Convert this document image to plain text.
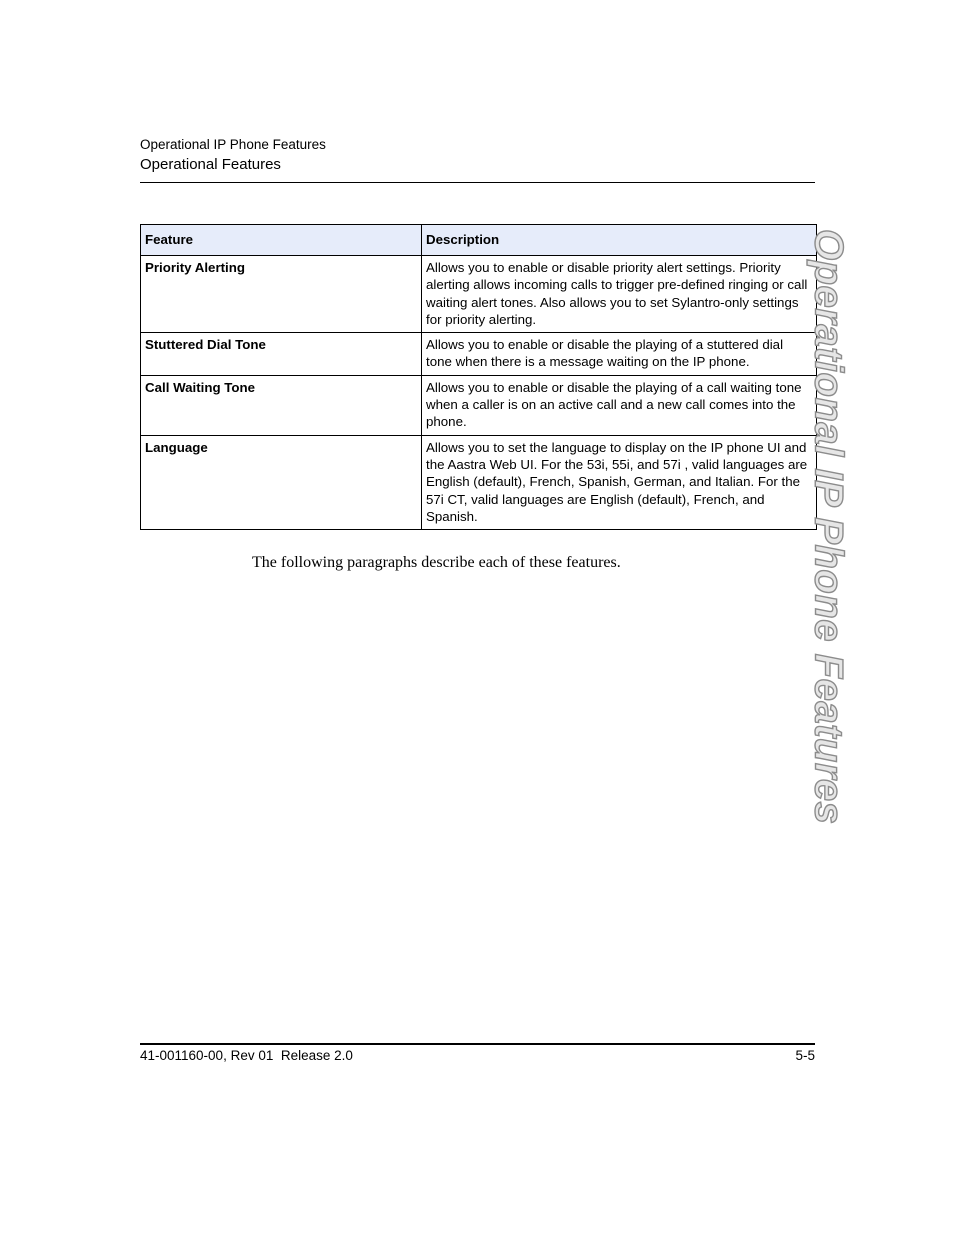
Operational IP Phone Features
Operational Features
Feature	Description
Priority Alerting	Allows you to enable or disable priority alert settings. Priority alerting allows incoming calls to trigger pre-defined ringing or call waiting alert tones. Also allows you to set Sylantro-only settings for priority alerting.
Stuttered Dial Tone	Allows you to enable or disable the playing of a stuttered dial tone when there is a message waiting on the IP phone.
Call Waiting Tone	Allows you to enable or disable the playing of a call waiting tone when a caller is on an active call and a new call comes into the phone.
Language	Allows you to set the language to display on the IP phone UI and the Aastra Web UI. For the 53i, 55i, and 57i , valid languages are English (default), French, Spanish, German, and Italian. For the 57i CT, valid languages are English (default), French, and Spanish.
The following paragraphs describe each of these features.	Operational IP Phone Features
41-001160-00, Rev 01  Release 2.0	5-5
